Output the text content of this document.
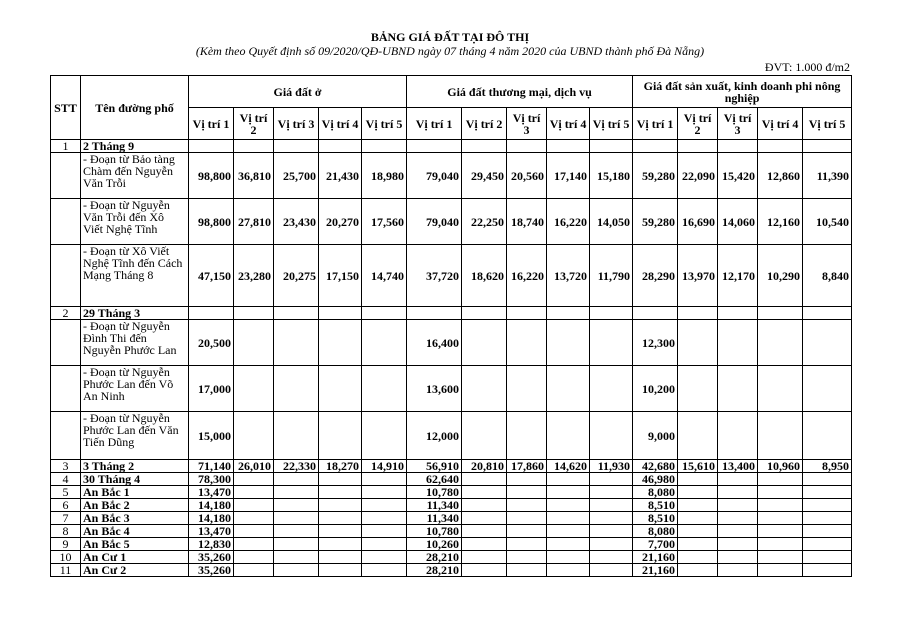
BẢNG GIÁ ĐẤT TẠI ĐÔ THỊ
(Kèm theo Quyết định số 09/2020/QĐ-UBND ngày 07 tháng 4 năm 2020 của UBND thành phố Đà Nẵng)
ĐVT: 1.000 đ/m2
STT	Tên đường phố	Giá đất ở					Giá đất thương mại, dịch vụ					Giá đất sản xuất, kinh doanh phi nông nghiệp				
		Vị trí 1	Vị trí 2	Vị trí 3	Vị trí 4	Vị trí 5	Vị trí 1	Vị trí 2	Vị trí 3	Vị trí 4	Vị trí 5	Vị trí 1	Vị trí 2	Vị trí 3	Vị trí 4	Vị trí 5
1	2 Tháng 9															
	- Đoạn từ Bảo tàng Chàm đến Nguyễn Văn Trỗi	98,800	36,810	25,700	21,430	18,980	79,040	29,450	20,560	17,140	15,180	59,280	22,090	15,420	12,860	11,390
	- Đoạn từ Nguyễn Văn Trỗi đến Xô Viết Nghệ Tĩnh	98,800	27,810	23,430	20,270	17,560	79,040	22,250	18,740	16,220	14,050	59,280	16,690	14,060	12,160	10,540
	- Đoạn từ Xô Viết Nghệ Tĩnh đến Cách Mạng Tháng 8	47,150	23,280	20,275	17,150	14,740	37,720	18,620	16,220	13,720	11,790	28,290	13,970	12,170	10,290	8,840
2	29 Tháng 3															
	- Đoạn từ Nguyễn Đình Thi đến Nguyễn Phước Lan	20,500					16,400					12,300				
	- Đoạn từ Nguyễn Phước Lan đến Võ An Ninh	17,000					13,600					10,200				
	- Đoạn từ Nguyễn Phước Lan đến Văn Tiến Dũng	15,000					12,000					9,000				
3	3 Tháng 2	71,140	26,010	22,330	18,270	14,910	56,910	20,810	17,860	14,620	11,930	42,680	15,610	13,400	10,960	8,950
4	30 Tháng 4	78,300					62,640					46,980				
5	An Bắc 1	13,470					10,780					8,080				
6	An Bắc 2	14,180					11,340					8,510				
7	An Bắc 3	14,180					11,340					8,510				
8	An Bắc 4	13,470					10,780					8,080				
9	An Bắc 5	12,830					10,260					7,700				
10	An Cư 1	35,260					28,210					21,160				
11	An Cư 2	35,260					28,210					21,160				
